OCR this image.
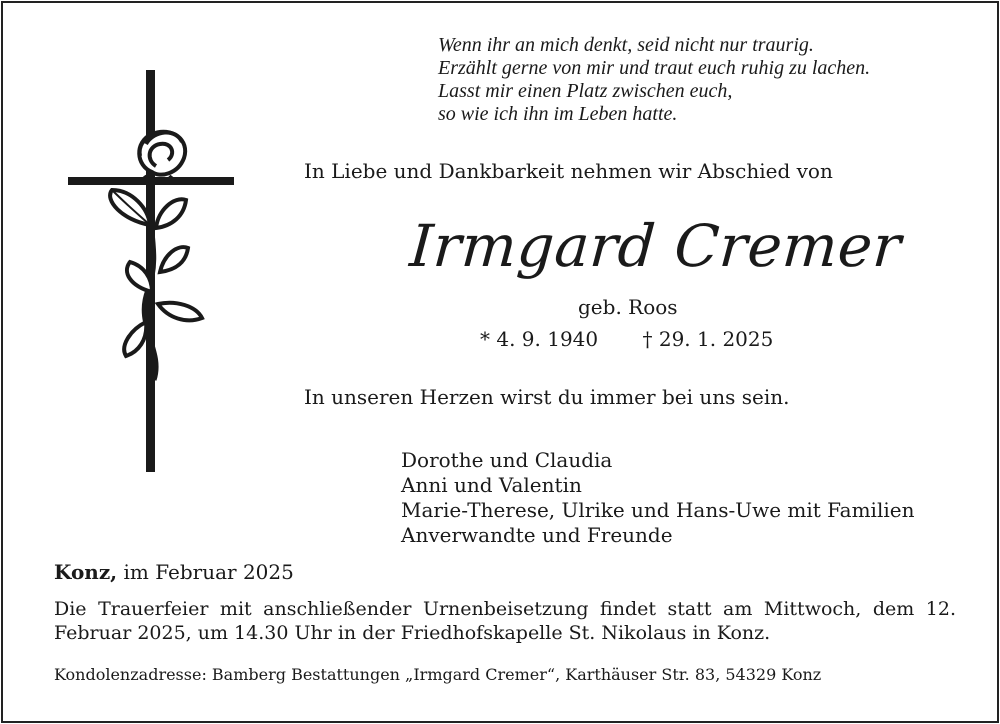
Wenn ihr an mich denkt, seid nicht nur traurig.
Erzählt gerne von mir und traut euch ruhig zu lachen.
Lasst mir einen Platz zwischen euch,
so wie ich ihn im Leben hatte.
In Liebe und Dankbarkeit nehmen wir Abschied von
Irmgard Cremer
geb. Roos
* 4. 9. 1940 † 29. 1. 2025
In unseren Herzen wirst du immer bei uns sein.
Dorothe und Claudia
Anni und Valentin
Marie-Therese, Ulrike und Hans-Uwe mit Familien
Anverwandte und Freunde
Konz, im Februar 2025
Die Trauerfeier mit anschließender Urnenbeisetzung findet statt am Mittwoch, dem 12. Februar 2025, um 14.30 Uhr in der Friedhofskapelle St. Nikolaus in Konz.
Kondolenzadresse: Bamberg Bestattungen „Irmgard Cremer“, Karthäuser Str. 83, 54329 Konz
